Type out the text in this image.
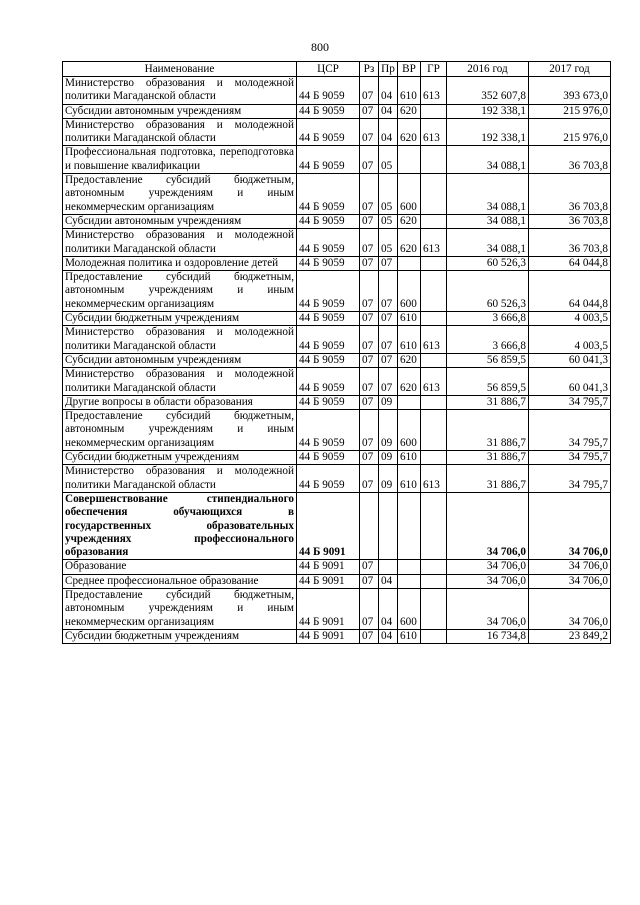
800
Наименование	ЦСР	Рз	Пр	ВР	ГР	2016 год	2017 год
Министерство образования и молодежной политики Магаданской области	44 Б 9059	07	04	610	613	352 607,8	393 673,0
Субсидии автономным учреждениям	44 Б 9059	07	04	620		192 338,1	215 976,0
Министерство образования и молодежной политики Магаданской области	44 Б 9059	07	04	620	613	192 338,1	215 976,0
Профессиональная подготовка, переподготовка и повышение квалификации	44 Б 9059	07	05			34 088,1	36 703,8
Предоставление субсидий бюджетным, автономным учреждениям и иным некоммерческим организациям	44 Б 9059	07	05	600		34 088,1	36 703,8
Субсидии автономным учреждениям	44 Б 9059	07	05	620		34 088,1	36 703,8
Министерство образования и молодежной политики Магаданской области	44 Б 9059	07	05	620	613	34 088,1	36 703,8
Молодежная политика и оздоровление детей	44 Б 9059	07	07			60 526,3	64 044,8
Предоставление субсидий бюджетным, автономным учреждениям и иным некоммерческим организациям	44 Б 9059	07	07	600		60 526,3	64 044,8
Субсидии бюджетным учреждениям	44 Б 9059	07	07	610		3 666,8	4 003,5
Министерство образования и молодежной политики Магаданской области	44 Б 9059	07	07	610	613	3 666,8	4 003,5
Субсидии автономным учреждениям	44 Б 9059	07	07	620		56 859,5	60 041,3
Министерство образования и молодежной политики Магаданской области	44 Б 9059	07	07	620	613	56 859,5	60 041,3
Другие вопросы в области образования	44 Б 9059	07	09			31 886,7	34 795,7
Предоставление субсидий бюджетным, автономным учреждениям и иным некоммерческим организациям	44 Б 9059	07	09	600		31 886,7	34 795,7
Субсидии бюджетным учреждениям	44 Б 9059	07	09	610		31 886,7	34 795,7
Министерство образования и молодежной политики Магаданской области	44 Б 9059	07	09	610	613	31 886,7	34 795,7
Совершенствование стипендиального обеспечения обучающихся в государственных образовательных учреждениях профессионального образования	44 Б 9091					34 706,0	34 706,0
Образование	44 Б 9091	07				34 706,0	34 706,0
Среднее профессиональное образование	44 Б 9091	07	04			34 706,0	34 706,0
Предоставление субсидий бюджетным, автономным учреждениям и иным некоммерческим организациям	44 Б 9091	07	04	600		34 706,0	34 706,0
Субсидии бюджетным учреждениям	44 Б 9091	07	04	610		16 734,8	23 849,2
